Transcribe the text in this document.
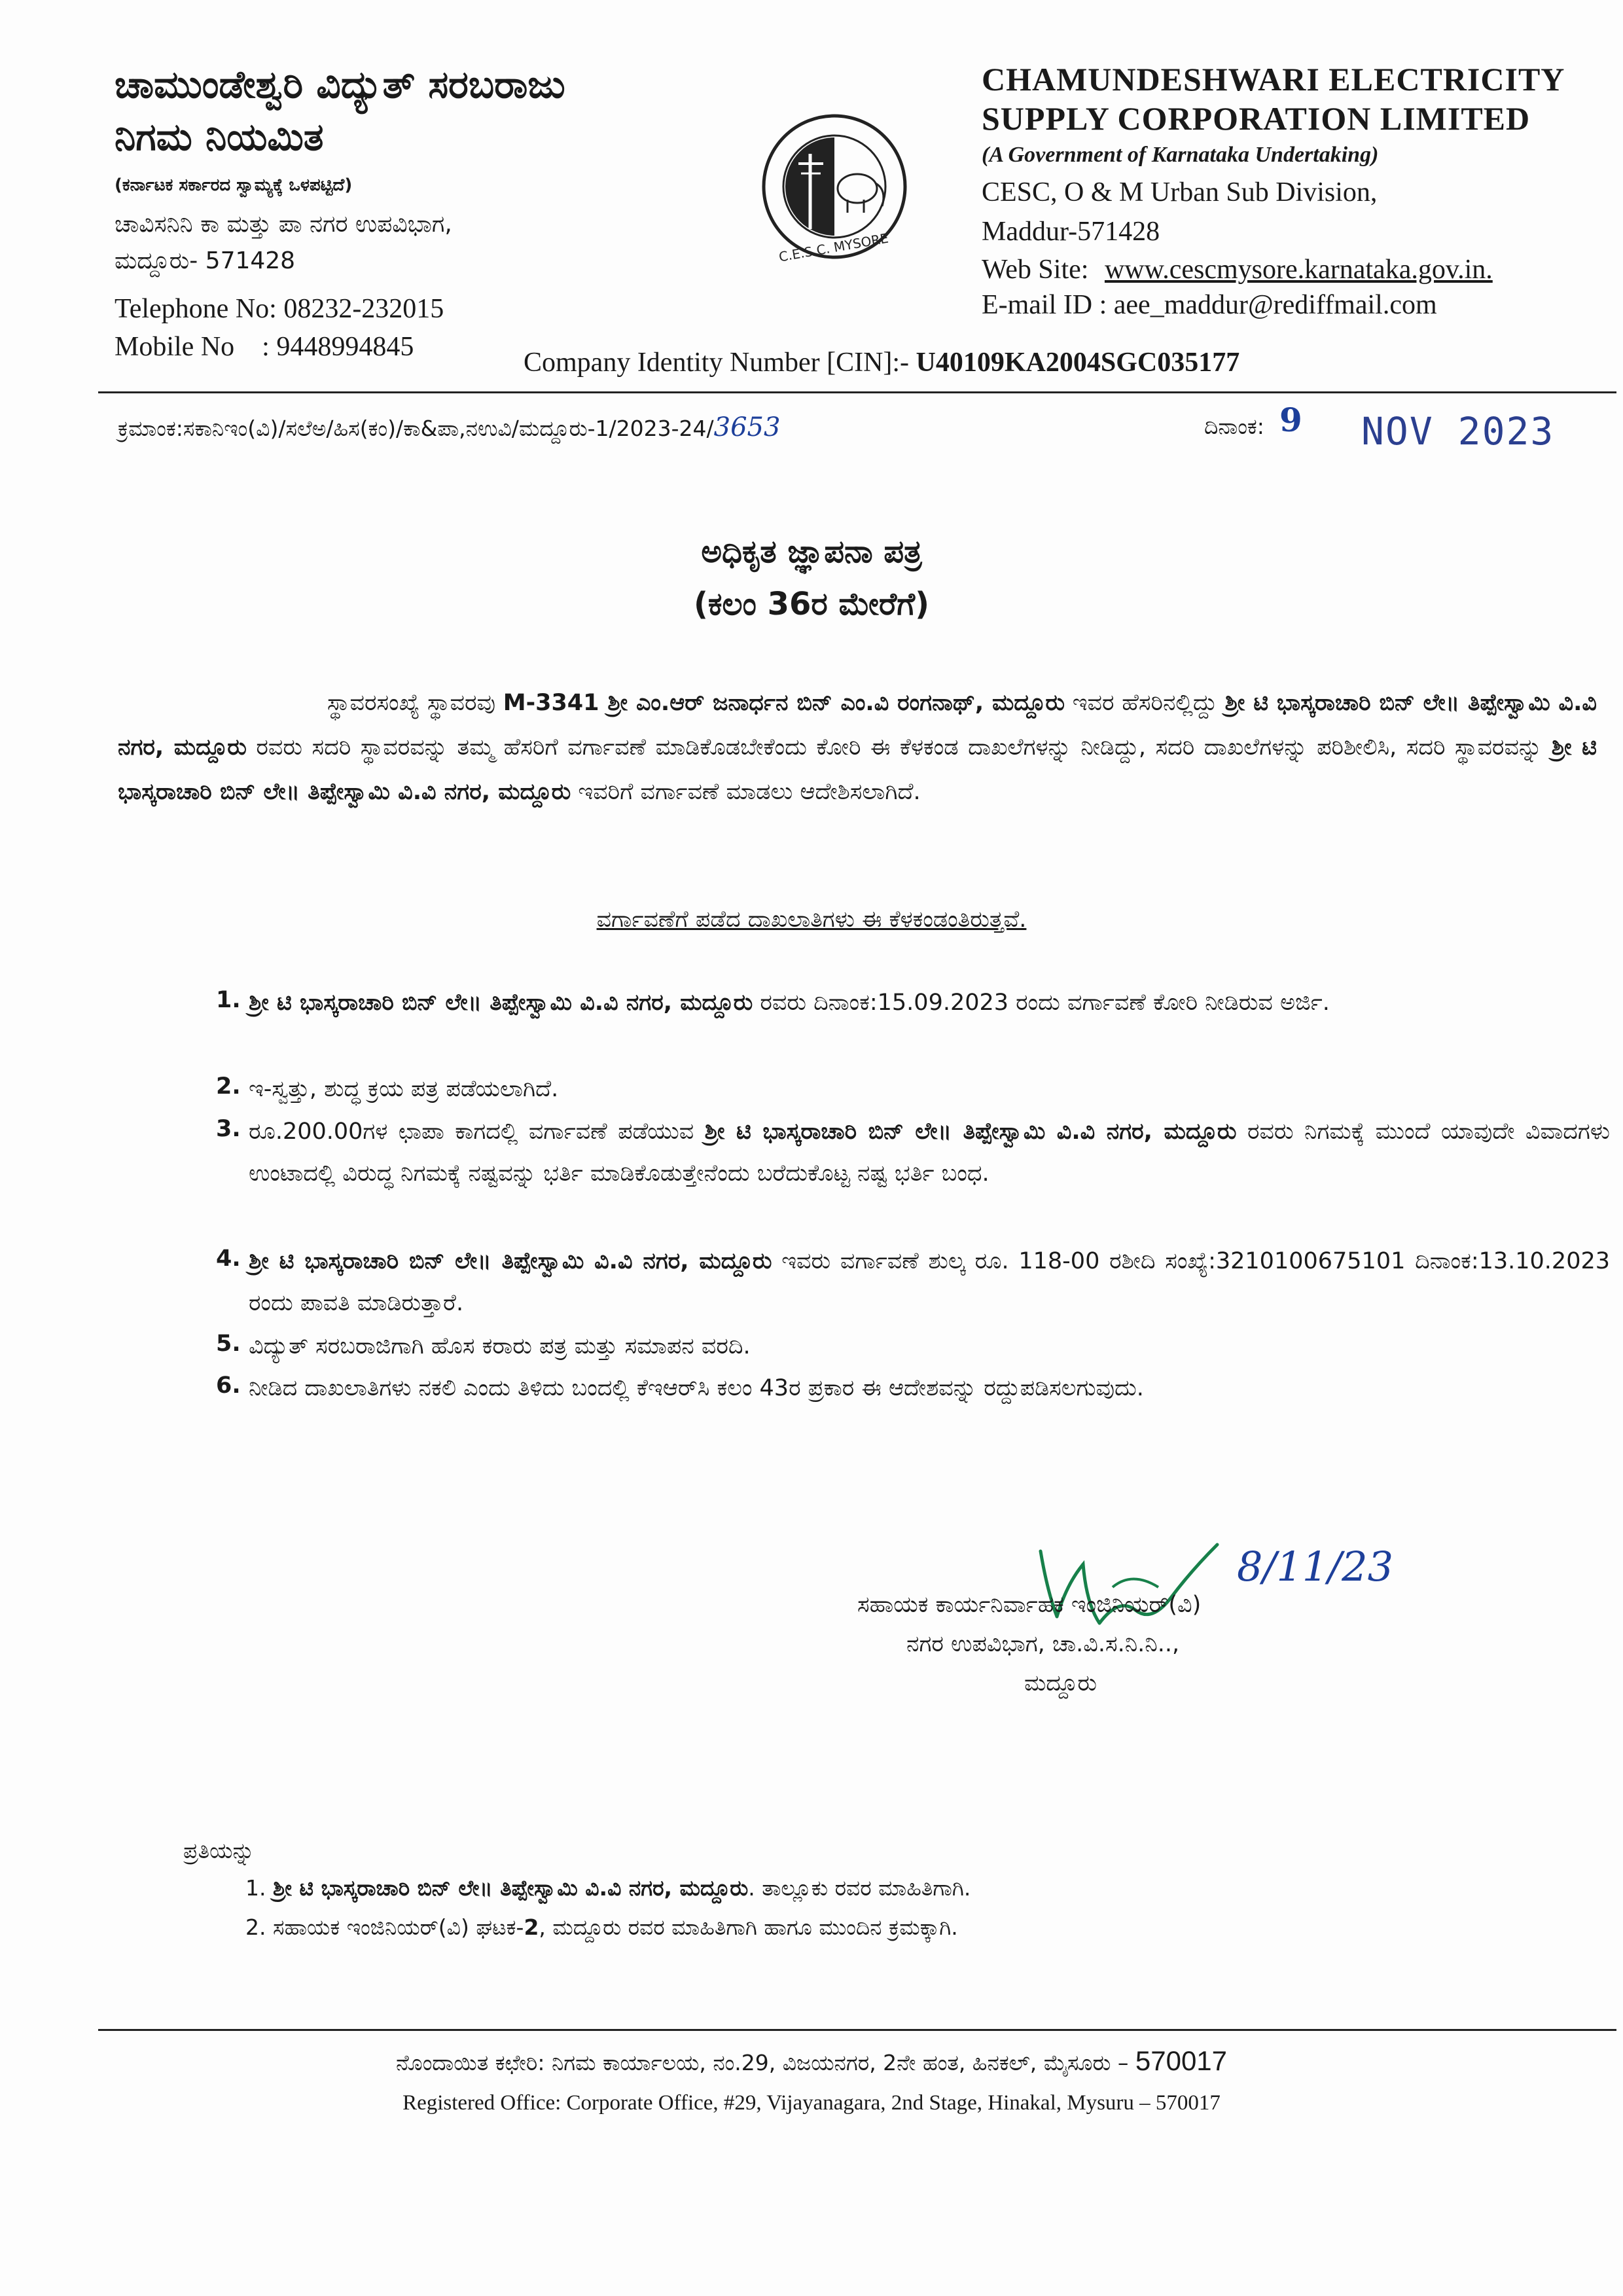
ಚಾಮುಂಡೇಶ್ವರಿ ವಿದ್ಯುತ್ ಸರಬರಾಜು
ನಿಗಮ ನಿಯಮಿತ
(ಕರ್ನಾಟಕ ಸರ್ಕಾರದ ಸ್ವಾಮ್ಯಕ್ಕೆ ಒಳಪಟ್ಟಿದೆ)
ಚಾವಿಸನಿನಿ ಕಾ ಮತ್ತು ಪಾ ನಗರ ಉಪವಿಭಾಗ,
ಮದ್ದೂರು- 571428
Telephone No: 08232-232015
Mobile No    : 9448994845
C.E.S.C. MYSORE
CHAMUNDESHWARI ELECTRICITY
SUPPLY CORPORATION LIMITED
(A Government of Karnataka Undertaking)
CESC, O & M Urban Sub Division,
Maddur-571428
Web Site: www.cescmysore.karnataka.gov.in.
E-mail ID : aee_maddur@rediffmail.com
Company Identity Number [CIN]:- U40109KA2004SGC035177
ಕ್ರಮಾಂಕ:ಸಕಾನಿಇಂ(ವಿ)/ಸಲೆಅ/ಹಿಸ(ಕಂ)/ಕಾ&ಪಾ,ನಉವಿ/ಮದ್ದೂರು-1/2023-24/3653	ದಿನಾಂಕ: 9 NOV 2023
ಅಧಿಕೃತ ಜ್ಞಾಪನಾ ಪತ್ರ
(ಕಲಂ 36ರ ಮೇರೆಗೆ)
ಸ್ಥಾವರಸಂಖ್ಯೆ ಸ್ಥಾವರವು M-3341 ಶ್ರೀ ಎಂ.ಆರ್ ಜನಾರ್ಧನ ಬಿನ್ ಎಂ.ವಿ ರಂಗನಾಥ್, ಮದ್ದೂರು ಇವರ ಹೆಸರಿನಲ್ಲಿದ್ದು ಶ್ರೀ ಟಿ ಭಾಸ್ಕರಾಚಾರಿ ಬಿನ್ ಲೇ॥ ತಿಪ್ಪೇಸ್ವಾಮಿ ವಿ.ವಿ ನಗರ, ಮದ್ದೂರು ರವರು ಸದರಿ ಸ್ಥಾವರವನ್ನು ತಮ್ಮ ಹೆಸರಿಗೆ ವರ್ಗಾವಣೆ ಮಾಡಿಕೊಡಬೇಕೆಂದು ಕೋರಿ ಈ ಕೆಳಕಂಡ ದಾಖಲೆಗಳನ್ನು ನೀಡಿದ್ದು, ಸದರಿ ದಾಖಲೆಗಳನ್ನು ಪರಿಶೀಲಿಸಿ, ಸದರಿ ಸ್ಥಾವರವನ್ನು ಶ್ರೀ ಟಿ ಭಾಸ್ಕರಾಚಾರಿ ಬಿನ್ ಲೇ॥ ತಿಪ್ಪೇಸ್ವಾಮಿ ವಿ.ವಿ ನಗರ, ಮದ್ದೂರು ಇವರಿಗೆ ವರ್ಗಾವಣೆ ಮಾಡಲು ಆದೇಶಿಸಲಾಗಿದೆ.
ವರ್ಗಾವಣೆಗೆ ಪಡೆದ ದಾಖಲಾತಿಗಳು ಈ ಕೆಳಕಂಡಂತಿರುತ್ತವೆ.
1. ಶ್ರೀ ಟಿ ಭಾಸ್ಕರಾಚಾರಿ ಬಿನ್ ಲೇ॥ ತಿಪ್ಪೇಸ್ವಾಮಿ ವಿ.ವಿ ನಗರ, ಮದ್ದೂರು ರವರು ದಿನಾಂಕ:15.09.2023 ರಂದು ವರ್ಗಾವಣೆ ಕೋರಿ ನೀಡಿರುವ ಅರ್ಜಿ.
2. ಇ-ಸ್ವತ್ತು, ಶುದ್ಧ ಕ್ರಯ ಪತ್ರ ಪಡೆಯಲಾಗಿದೆ.
3. ರೂ.200.00ಗಳ ಛಾಪಾ ಕಾಗದಲ್ಲಿ ವರ್ಗಾವಣೆ ಪಡೆಯುವ ಶ್ರೀ ಟಿ ಭಾಸ್ಕರಾಚಾರಿ ಬಿನ್ ಲೇ॥ ತಿಪ್ಪೇಸ್ವಾಮಿ ವಿ.ವಿ ನಗರ, ಮದ್ದೂರು ರವರು ನಿಗಮಕ್ಕೆ ಮುಂದೆ ಯಾವುದೇ ವಿವಾದಗಳು ಉಂಟಾದಲ್ಲಿ ವಿರುದ್ಧ ನಿಗಮಕ್ಕೆ ನಷ್ಟವನ್ನು ಭರ್ತಿ ಮಾಡಿಕೊಡುತ್ತೇನೆಂದು ಬರೆದುಕೊಟ್ಟ ನಷ್ಟ ಭರ್ತಿ ಬಂಧ.
4. ಶ್ರೀ ಟಿ ಭಾಸ್ಕರಾಚಾರಿ ಬಿನ್ ಲೇ॥ ತಿಪ್ಪೇಸ್ವಾಮಿ ವಿ.ವಿ ನಗರ, ಮದ್ದೂರು ಇವರು ವರ್ಗಾವಣೆ ಶುಲ್ಕ ರೂ. 118-00 ರಶೀದಿ ಸಂಖ್ಯೆ:3210100675101 ದಿನಾಂಕ:13.10.2023 ರಂದು ಪಾವತಿ ಮಾಡಿರುತ್ತಾರೆ.
5. ವಿದ್ಯುತ್ ಸರಬರಾಜಿಗಾಗಿ ಹೊಸ ಕರಾರು ಪತ್ರ ಮತ್ತು ಸಮಾಪನ ವರದಿ.
6. ನೀಡಿದ ದಾಖಲಾತಿಗಳು ನಕಲಿ ಎಂದು ತಿಳಿದು ಬಂದಲ್ಲಿ ಕೆಇಆರ್‌ಸಿ ಕಲಂ 43ರ ಪ್ರಕಾರ ಈ ಆದೇಶವನ್ನು ರದ್ದುಪಡಿಸಲಗುವುದು.
8/11/23
ಸಹಾಯಕ ಕಾರ್ಯನಿರ್ವಾಹಕ ಇಂಜಿನಿಯರ್(ವಿ)
ನಗರ ಉಪವಿಭಾಗ, ಚಾ.ವಿ.ಸ.ನಿ.ನಿ..,
ಮದ್ದೂರು
ಪ್ರತಿಯನ್ನು
1. ಶ್ರೀ ಟಿ ಭಾಸ್ಕರಾಚಾರಿ ಬಿನ್ ಲೇ॥ ತಿಪ್ಪೇಸ್ವಾಮಿ ವಿ.ವಿ ನಗರ, ಮದ್ದೂರು. ತಾಲ್ಲೂಕು ರವರ ಮಾಹಿತಿಗಾಗಿ.
2. ಸಹಾಯಕ ಇಂಜಿನಿಯರ್(ವಿ) ಘಟಕ-2, ಮದ್ದೂರು ರವರ ಮಾಹಿತಿಗಾಗಿ ಹಾಗೂ ಮುಂದಿನ ಕ್ರಮಕ್ಕಾಗಿ.
ನೊಂದಾಯಿತ ಕಛೇರಿ: ನಿಗಮ ಕಾರ್ಯಾಲಯ, ನಂ.29, ವಿಜಯನಗರ, 2ನೇ ಹಂತ, ಹಿನಕಲ್, ಮೈಸೂರು – 570017
Registered Office: Corporate Office, #29, Vijayanagara, 2nd Stage, Hinakal, Mysuru – 570017
